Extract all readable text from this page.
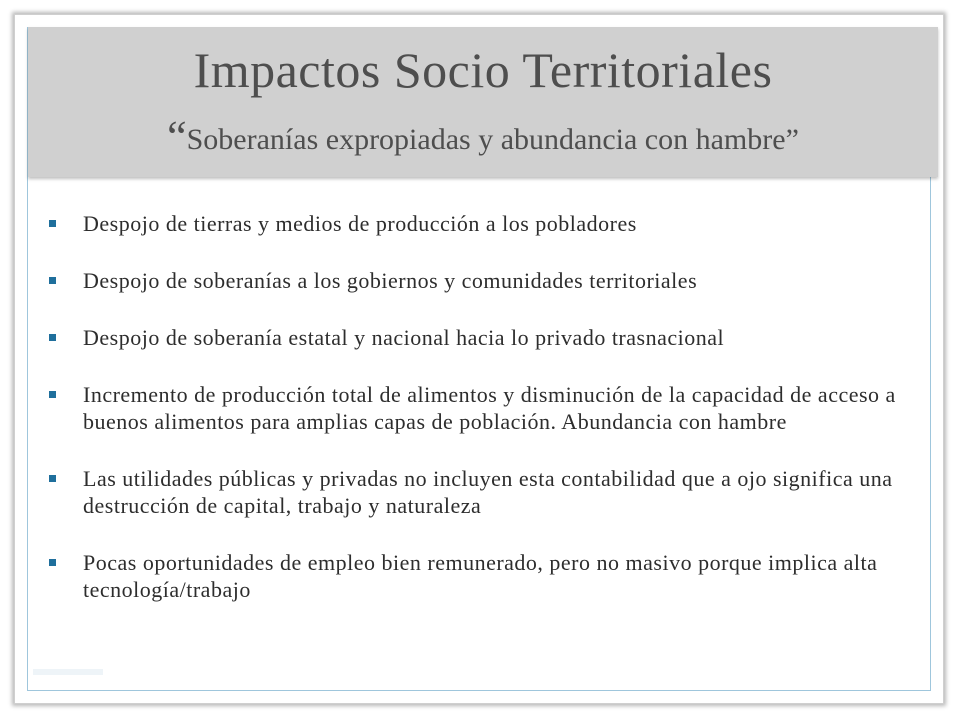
Impactos Socio Territoriales
“Soberanías expropiadas y abundancia con hambre”
Despojo de tierras y medios de producción a los pobladores
Despojo de soberanías a los gobiernos y comunidades territoriales
Despojo de soberanía estatal y nacional hacia lo privado trasnacional
Incremento de producción total de alimentos y disminución de la capacidad de acceso a buenos alimentos para amplias capas de población. Abundancia con hambre
Las utilidades públicas y privadas no incluyen esta contabilidad que a ojo significa una destrucción de capital, trabajo y naturaleza
Pocas oportunidades de empleo bien remunerado, pero no masivo porque implica alta tecnología/trabajo
